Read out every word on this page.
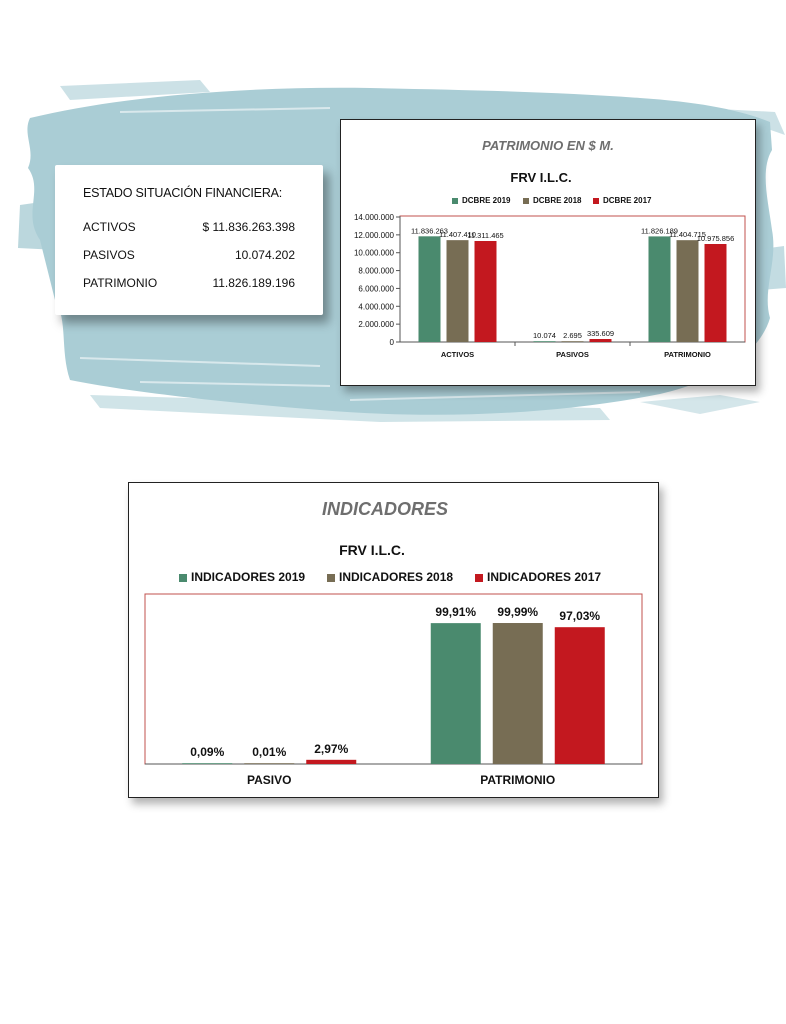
ESTADO SITUACIÓN FINANCIERA:
ACTIVOS	$ 11.836.263.398
PASIVOS	10.074.202
PATRIMONIO	11.826.189.196
PATRIMONIO EN $ M.
FRV I.L.C.
DCBRE 2019	DCBRE 2018	DCBRE 2017
0
2.000.000
4.000.000
6.000.000
8.000.000
10.000.000
12.000.000
14.000.000
ACTIVOS
11.836.263
11.407.410
11.311.465
PASIVOS
10.074 2.695 335.609
PATRIMONIO
11.826.189
11.404.715
10.975.856
INDICADORES
FRV I.L.C.
INDICADORES 2019	INDICADORES 2018	INDICADORES 2017
PASIVO
0,09% 0,01% 2,97%
PATRIMONIO
99,91% 99,99% 97,03%
